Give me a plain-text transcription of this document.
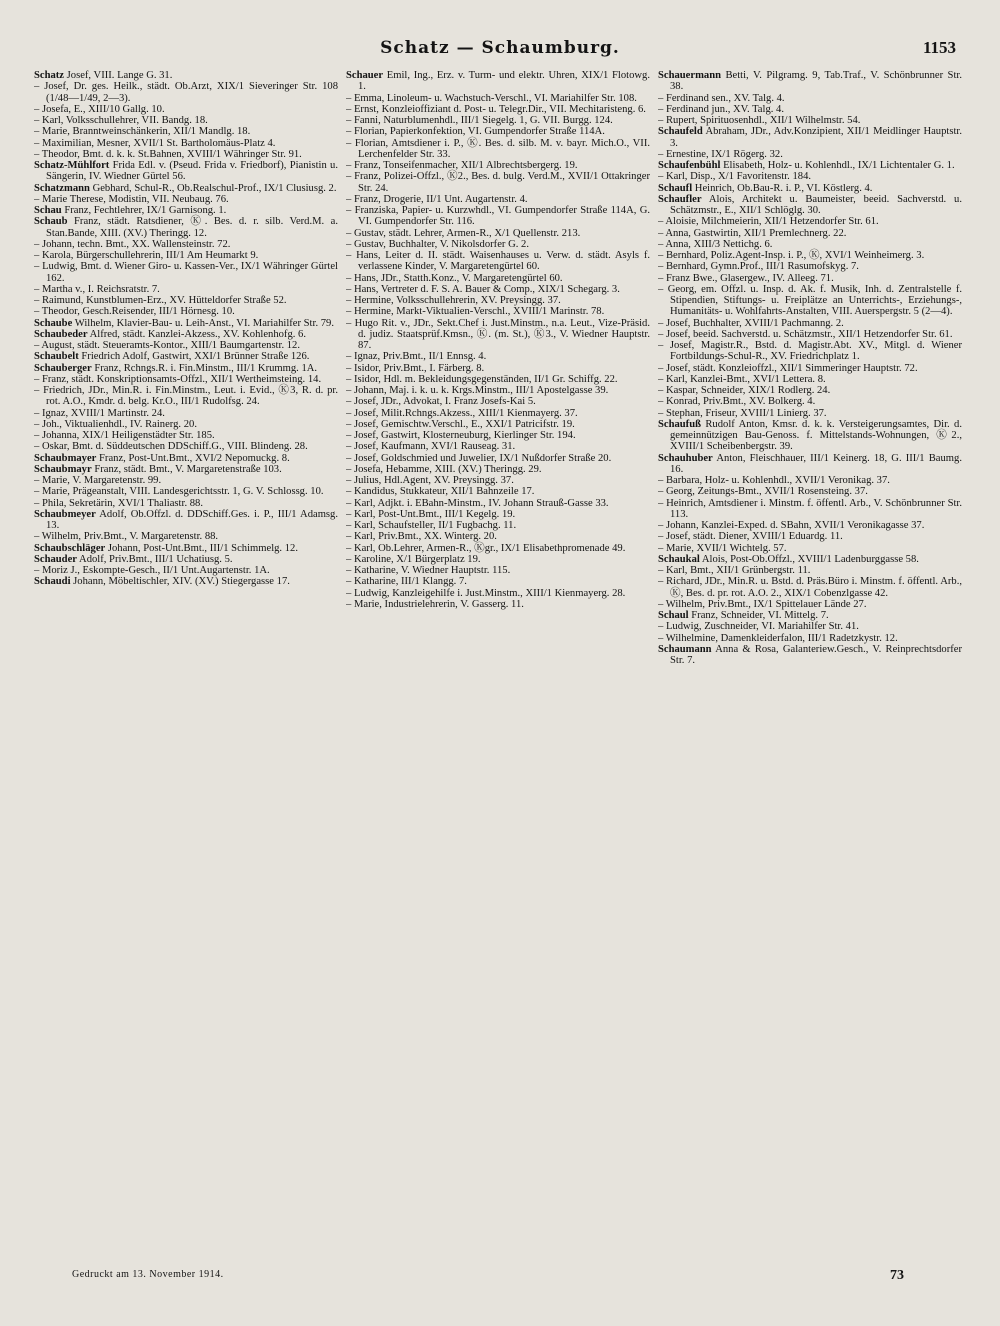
Schatz — Schaumburg.	1153

Schatz Josef, VIII. Lange G. 31.

– Josef, Dr. ges. Heilk., städt. Ob.Arzt, XIX/1 Sieveringer Str. 108 (1/48—1/49, 2—3).

– Josefa, E., XIII/10 Gallg. 10.

– Karl, Volksschullehrer, VII. Bandg. 18.

– Marie, Branntweinschänkerin, XII/1 Mandlg. 18.

– Maximilian, Mesner, XVII/1 St. Bartholomäus-Platz 4.

– Theodor, Bmt. d. k. k. St.Bahnen, XVIII/1 Währinger Str. 91.

Schatz-Mühlfort Frida Edl. v. (Pseud. Frida v. Friedborf), Pianistin u. Sängerin, IV. Wiedner Gürtel 56.

Schatzmann Gebhard, Schul-R., Ob.Realschul-Prof., IX/1 Clusiusg. 2.

– Marie Therese, Modistin, VII. Neubaug. 76.

Schau Franz, Fechtlehrer, IX/1 Garnisong. 1.

Schaub Franz, städt. Ratsdiener, Ⓚ. Bes. d. r. silb. Verd.M. a. Stan.Bande, XIII. (XV.) Theringg. 12.

– Johann, techn. Bmt., XX. Wallensteinstr. 72.

– Karola, Bürgerschullehrerin, III/1 Am Heumarkt 9.

– Ludwig, Bmt. d. Wiener Giro- u. Kassen-Ver., IX/1 Währinger Gürtel 162.

– Martha v., I. Reichsratstr. 7.

– Raimund, Kunstblumen-Erz., XV. Hütteldorfer Straße 52.

– Theodor, Gesch.Reisender, III/1 Hörnesg. 10.

Schaube Wilhelm, Klavier-Bau- u. Leih-Anst., VI. Mariahilfer Str. 79.

Schaubeder Alfred, städt. Kanzlei-Akzess., XV. Kohlenhofg. 6.

– August, städt. Steueramts-Kontor., XIII/1 Baumgartenstr. 12.

Schaubelt Friedrich Adolf, Gastwirt, XXI/1 Brünner Straße 126.

Schauberger Franz, Rchngs.R. i. Fin.Minstm., III/1 Krummg. 1A.

– Franz, städt. Konskriptionsamts-Offzl., XII/1 Wertheimsteing. 14.

– Friedrich, JDr., Min.R. i. Fin.Minstm., Leut. i. Evid., Ⓚ3, R. d. pr. rot. A.O., Kmdr. d. belg. Kr.O., III/1 Rudolfsg. 24.

– Ignaz, XVIII/1 Martinstr. 24.

– Joh., Viktualienhdl., IV. Rainerg. 20.

– Johanna, XIX/1 Heiligenstädter Str. 185.

– Oskar, Bmt. d. Süddeutschen DDSchiff.G., VIII. Blindeng. 28.

Schaubmayer Franz, Post-Unt.Bmt., XVI/2 Nepomuckg. 8.

Schaubmayr Franz, städt. Bmt., V. Margaretenstraße 103.

– Marie, V. Margaretenstr. 99.

– Marie, Prägeanstalt, VIII. Landesgerichtsstr. 1, G. V. Schlossg. 10.

– Phila, Sekretärin, XVI/1 Thaliastr. 88.

Schaubmeyer Adolf, Ob.Offzl. d. DDSchiff.Ges. i. P., III/1 Adamsg. 13.

– Wilhelm, Priv.Bmt., V. Margaretenstr. 88.

Schaubschläger Johann, Post-Unt.Bmt., III/1 Schimmelg. 12.

Schauder Adolf, Priv.Bmt., III/1 Uchatiusg. 5.

– Moriz J., Eskompte-Gesch., II/1 Unt.Augartenstr. 1A.

Schaudi Johann, Möbeltischler, XIV. (XV.) Stiegergasse 17.

Schauer Emil, Ing., Erz. v. Turm- und elektr. Uhren, XIX/1 Flotowg. 1.

– Emma, Linoleum- u. Wachstuch-Verschl., VI. Mariahilfer Str. 108.

– Ernst, Konzleioffiziant d. Post- u. Telegr.Dir., VII. Mechitaristeng. 6.

– Fanni, Naturblumenhdl., III/1 Siegelg. 1, G. VII. Burgg. 124.

– Florian, Papierkonfektion, VI. Gumpendorfer Straße 114A.

– Florian, Amtsdiener i. P., Ⓚ. Bes. d. silb. M. v. bayr. Mich.O., VII. Lerchenfelder Str. 33.

– Franz, Tonseifenmacher, XII/1 Albrechtsbergerg. 19.

– Franz, Polizei-Offzl., Ⓚ2., Bes. d. bulg. Verd.M., XVII/1 Ottakringer Str. 24.

– Franz, Drogerie, II/1 Unt. Augartenstr. 4.

– Franziska, Papier- u. Kurzwhdl., VI. Gumpendorfer Straße 114A, G. VI. Gumpendorfer Str. 116.

– Gustav, städt. Lehrer, Armen-R., X/1 Quellenstr. 213.

– Gustav, Buchhalter, V. Nikolsdorfer G. 2.

– Hans, Leiter d. II. städt. Waisenhauses u. Verw. d. städt. Asyls f. verlassene Kinder, V. Margaretengürtel 60.

– Hans, JDr., Statth.Konz., V. Margaretengürtel 60.

– Hans, Vertreter d. F. S. A. Bauer & Comp., XIX/1 Schegarg. 3.

– Hermine, Volksschullehrerin, XV. Preysingg. 37.

– Hermine, Markt-Viktualien-Verschl., XVIII/1 Marinstr. 78.

– Hugo Rit. v., JDr., Sekt.Chef i. Just.Minstm., n.a. Leut., Vize-Präsid. d. judiz. Staatsprüf.Kmsn., Ⓚ. (m. St.), Ⓚ3., V. Wiedner Hauptstr. 87.

– Ignaz, Priv.Bmt., II/1 Ennsg. 4.

– Isidor, Priv.Bmt., I. Färberg. 8.

– Isidor, Hdl. m. Bekleidungsgegenständen, II/1 Gr. Schiffg. 22.

– Johann, Maj. i. k. u. k. Krgs.Minstm., III/1 Apostelgasse 39.

– Josef, JDr., Advokat, I. Franz Josefs-Kai 5.

– Josef, Milit.Rchngs.Akzess., XIII/1 Kienmayerg. 37.

– Josef, Gemischtw.Verschl., E., XXI/1 Patricifstr. 19.

– Josef, Gastwirt, Klosterneuburg, Kierlinger Str. 194.

– Josef, Kaufmann, XVI/1 Rauseag. 31.

– Josef, Goldschmied und Juwelier, IX/1 Nußdorfer Straße 20.

– Josefa, Hebamme, XIII. (XV.) Theringg. 29.

– Julius, Hdl.Agent, XV. Preysingg. 37.

– Kandidus, Stukkateur, XII/1 Bahnzeile 17.

– Karl, Adjkt. i. EBahn-Minstm., IV. Johann Strauß-Gasse 33.

– Karl, Post-Unt.Bmt., III/1 Kegelg. 19.

– Karl, Schaufsteller, II/1 Fugbachg. 11.

– Karl, Priv.Bmt., XX. Winterg. 20.

– Karl, Ob.Lehrer, Armen-R., Ⓚgr., IX/1 Elisabethpromenade 49.

– Karoline, X/1 Bürgerplatz 19.

– Katharine, V. Wiedner Hauptstr. 115.

– Katharine, III/1 Klangg. 7.

– Ludwig, Kanzleigehilfe i. Just.Minstm., XIII/1 Kienmayerg. 28.

– Marie, Industrielehrerin, V. Gasserg. 11.

Schauermann Betti, V. Pilgramg. 9, Tab.Traf., V. Schönbrunner Str. 38.

– Ferdinand sen., XV. Talg. 4.

– Ferdinand jun., XV. Talg. 4.

– Rupert, Spirituosenhdl., XII/1 Wilhelmstr. 54.

Schaufeld Abraham, JDr., Adv.Konzipient, XII/1 Meidlinger Hauptstr. 3.

– Ernestine, IX/1 Rögerg. 32.

Schaufenbühl Elisabeth, Holz- u. Kohlenhdl., IX/1 Lichtentaler G. 1.

– Karl, Disp., X/1 Favoritenstr. 184.

Schaufl Heinrich, Ob.Bau-R. i. P., VI. Köstlerg. 4.

Schaufler Alois, Architekt u. Baumeister, beeid. Sachverstd. u. Schätzmstr., E., XII/1 Schlöglg. 30.

– Aloisie, Milchmeierin, XII/1 Hetzendorfer Str. 61.

– Anna, Gastwirtin, XII/1 Premlechnerg. 22.

– Anna, XIII/3 Nettichg. 6.

– Bernhard, Poliz.Agent-Insp. i. P., Ⓚ, XVI/1 Weinheimerg. 3.

– Bernhard, Gymn.Prof., III/1 Rasumofskyg. 7.

– Franz Bwe., Glasergew., IV. Alleeg. 71.

– Georg, em. Offzl. u. Insp. d. Ak. f. Musik, Inh. d. Zentralstelle f. Stipendien, Stiftungs- u. Freiplätze an Unterrichts-, Erziehungs-, Humanitäts- u. Wohlfahrts-Anstalten, VIII. Auerspergstr. 5 (2—4).

– Josef, Buchhalter, XVIII/1 Pachmanng. 2.

– Josef, beeid. Sachverstd. u. Schätzmstr., XII/1 Hetzendorfer Str. 61.

– Josef, Magistr.R., Bstd. d. Magistr.Abt. XV., Mitgl. d. Wiener Fortbildungs-Schul-R., XV. Friedrichplatz 1.

– Josef, städt. Konzleioffzl., XII/1 Simmeringer Hauptstr. 72.

– Karl, Kanzlei-Bmt., XVI/1 Lettera. 8.

– Kaspar, Schneider, XIX/1 Rodlerg. 24.

– Konrad, Priv.Bmt., XV. Bolkerg. 4.

– Stephan, Friseur, XVIII/1 Linierg. 37.

Schaufuß Rudolf Anton, Kmsr. d. k. k. Versteigerungsamtes, Dir. d. gemeinnützigen Bau-Genoss. f. Mittelstands-Wohnungen, Ⓚ2., XVIII/1 Scheibenbergstr. 39.

Schauhuber Anton, Fleischhauer, III/1 Keinerg. 18, G. III/1 Baumg. 16.

– Barbara, Holz- u. Kohlenhdl., XVII/1 Veronikag. 37.

– Georg, Zeitungs-Bmt., XVII/1 Rosensteing. 37.

– Heinrich, Amtsdiener i. Minstm. f. öffentl. Arb., V. Schönbrunner Str. 113.

– Johann, Kanzlei-Exped. d. SBahn, XVII/1 Veronikagasse 37.

– Josef, städt. Diener, XVIII/1 Eduardg. 11.

– Marie, XVII/1 Wichtelg. 57.

Schaukal Alois, Post-Ob.Offzl., XVIII/1 Ladenburggasse 58.

– Karl, Bmt., XII/1 Grünbergstr. 11.

– Richard, JDr., Min.R. u. Bstd. d. Präs.Büro i. Minstm. f. öffentl. Arb., Ⓚ, Bes. d. pr. rot. A.O. 2., XIX/1 Cobenzlgasse 42.

– Wilhelm, Priv.Bmt., IX/1 Spittelauer Lände 27.

Schaul Franz, Schneider, VI. Mittelg. 7.

– Ludwig, Zuschneider, VI. Mariahilfer Str. 41.

– Wilhelmine, Damenkleiderfalon, III/1 Radetzkystr. 12.

Schaumann Anna & Rosa, Galanteriew.Gesch., V. Reinprechtsdorfer Str. 7.

Gedruckt am 13. November 1914.	73
